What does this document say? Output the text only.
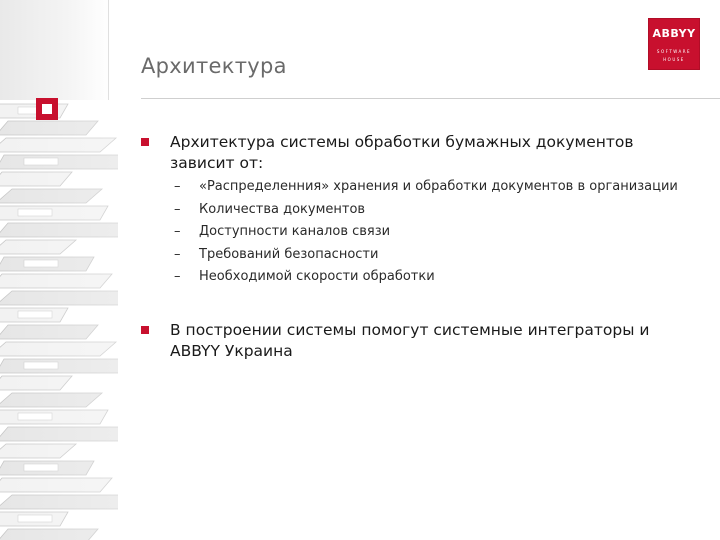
Архитектура
ABBYY
SOFTWARE
HOUSE
Архитектура системы обработки бумажных документов зависит от:
– «Распределенния» хранения и обработки документов в организации
– Количества документов
– Доступности каналов связи
– Требований безопасности
– Необходимой скорости обработки
В построении системы помогут системные интеграторы и ABBYY Украина
